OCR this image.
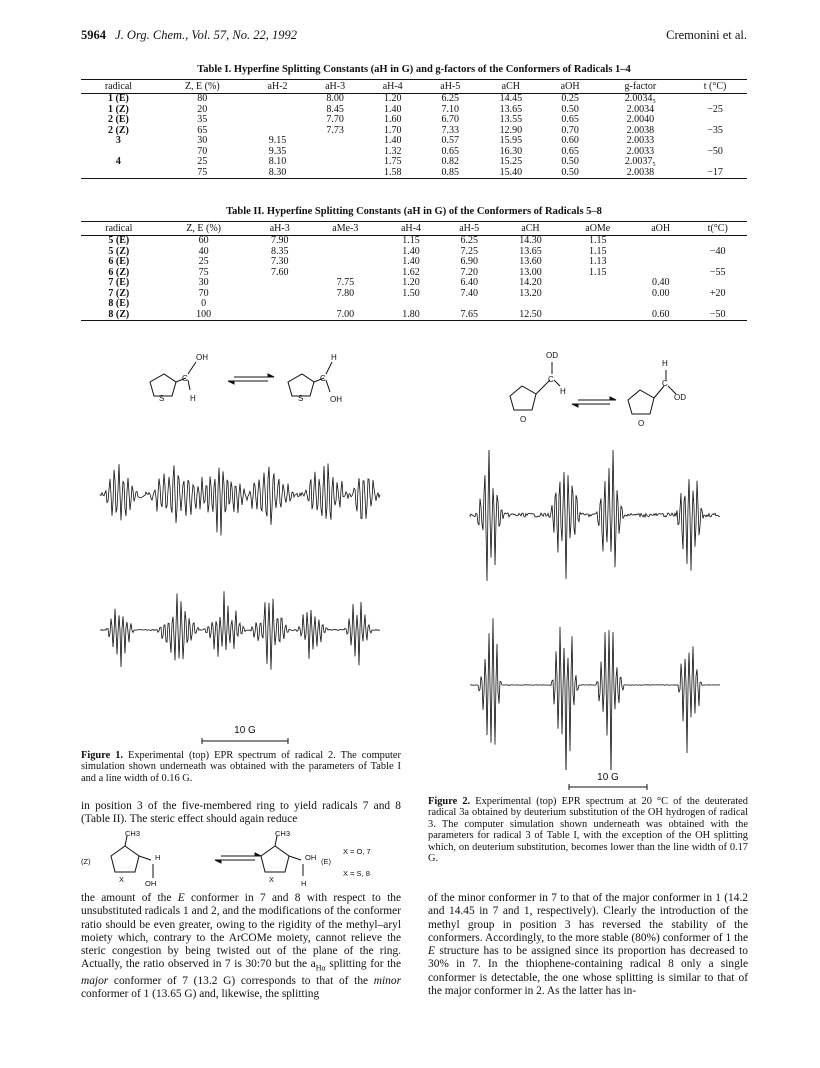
5964 J. Org. Chem., Vol. 57, No. 22, 1992	Cremonini et al.
Table I. Hyperfine Splitting Constants (aH in G) and g-factors of the Conformers of Radicals 1–4
radical	Z, E (%)	aH-2	aH-3	aH-4	aH-5	aCH	aOH	g-factor	t (°C)
1 (E)	80		8.00	1.20	6.25	14.45	0.25	2.0034₅	
1 (Z)	20		8.45	1.40	7.10	13.65	0.50	2.0034	−25
2 (E)	35		7.70	1.60	6.70	13.55	0.65	2.0040	
2 (Z)	65		7.73	1.70	7.33	12.90	0.70	2.0038	−35
3	30	9.15		1.40	0.57	15.95	0.60	2.0033	
	70	9.35		1.32	0.65	16.30	0.65	2.0033	−50
4	25	8.10		1.75	0.82	15.25	0.50	2.0037₅	
	75	8.30		1.58	0.85	15.40	0.50	2.0038	−17
Table II. Hyperfine Splitting Constants (aH in G) of the Conformers of Radicals 5–8
radical	Z, E (%)	aH-3	aMe-3	aH-4	aH-5	aCH	aOMe	aOH	t(°C)
5 (E)	60	7.90		1.15	6.25	14.30	1.15		
5 (Z)	40	8.35		1.40	7.25	13.65	1.15		−40
6 (E)	25	7.30		1.40	6.90	13.60	1.13		
6 (Z)	75	7.60		1.62	7.20	13.00	1.15		−55
7 (E)	30		7.75	1.20	6.40	14.20		0.40	
7 (Z)	70		7.80	1.50	7.40	13.20		0.00	+20
8 (E)	0								
8 (Z)	100		7.00	1.80	7.65	12.50		0.60	−50
C
OH
H
S
C
H
OH
S
C
OD
H
O
C
H
OD
O
10 G
10 G
Figure 1. Experimental (top) EPR spectrum of radical 2. The computer simulation shown underneath was obtained with the parameters of Table I and a line width of 0.16 G.
Figure 2. Experimental (top) EPR spectrum at 20 °C of the deuterated radical 3a obtained by deuterium substitution of the OH hydrogen of radical 3. The computer simulation shown underneath was obtained with the parameters for radical 3 of Table I, with the exception of the OH splitting which, on deuterium substitution, becomes lower than the line width of 0.17 G.
in position 3 of the five-membered ring to yield radicals 7 and 8 (Table II). The steric effect should again reduce
CH3
(Z)	H
OH
X
CH3
OH
H
X
(E)
X = O, 7
X = S, 8
the amount of the E conformer in 7 and 8 with respect to the unsubstituted radicals 1 and 2, and the modifications of the conformer ratio should be even greater, owing to the rigidity of the methyl–aryl moiety which, contrary to the ArCOMe moiety, cannot relieve the steric congestion by being twisted out of the plane of the ring. Actually, the ratio observed in 7 is 30:70 but the $a_{H\alpha}$ splitting for the major conformer of 7 (13.2 G) corresponds to that of the minor conformer of 1 (13.65 G) and, likewise, the splitting
of the minor conformer in 7 to that of the major conformer in 1 (14.2 and 14.45 in 7 and 1, respectively). Clearly the introduction of the methyl group in position 3 has reversed the stability of the conformers. Accordingly, to the more stable (80%) conformer of 1 the E structure has to be assigned since its proportion has decreased to 30% in 7. In the thiophene-containing radical 8 only a single conformer is detectable, the one whose splitting is similar to that of the major conformer in 2. As the latter has in-
